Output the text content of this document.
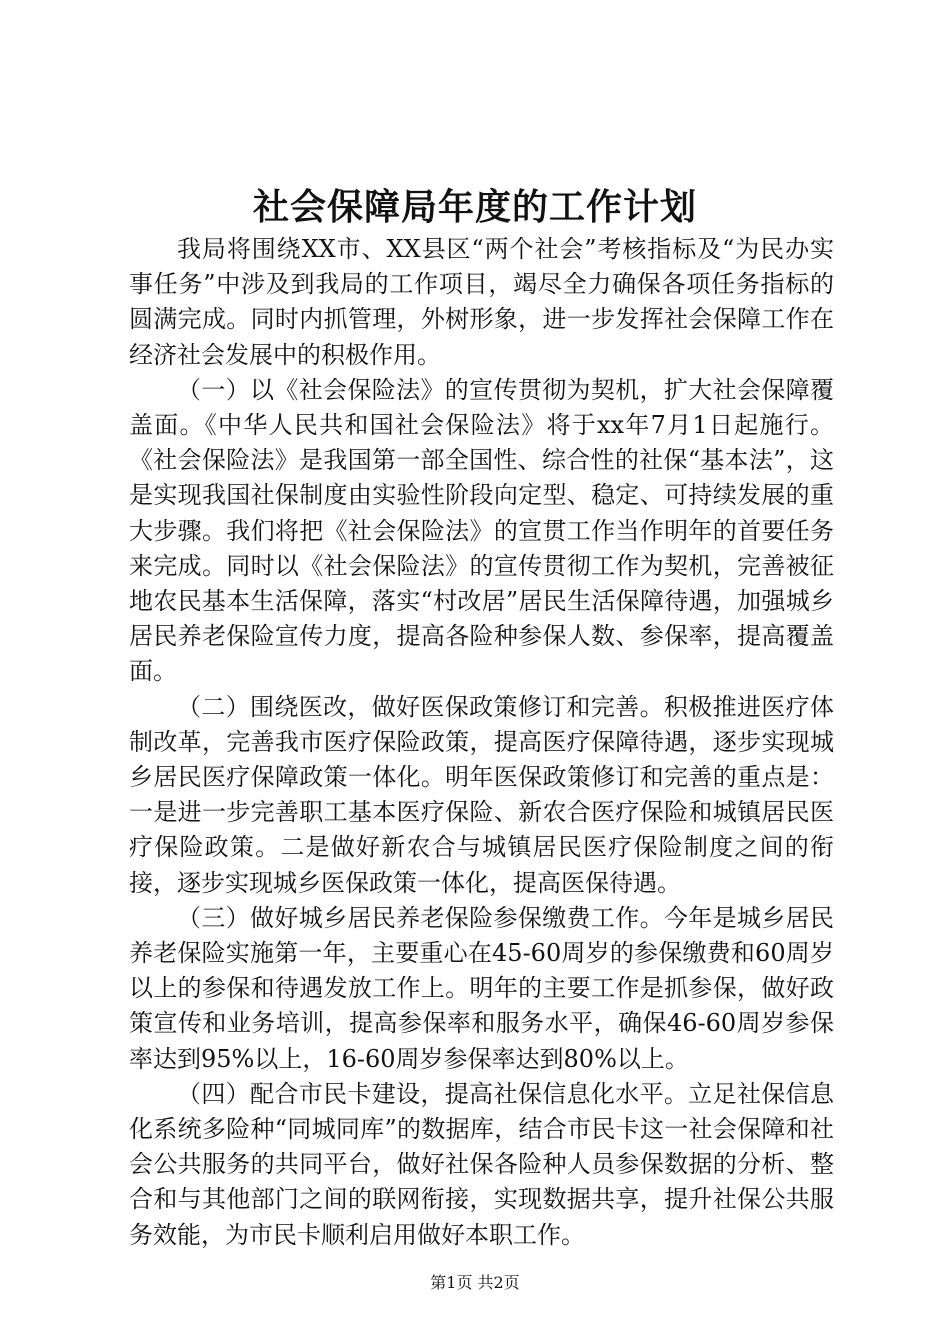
社会保障局年度的工作计划

我局将围绕XX市、XX县区“两个社会”考核指标及“为民办实事任务”中涉及到我局的工作项目，竭尽全力确保各项任务指标的圆满完成。同时内抓管理，外树形象，进一步发挥社会保障工作在经济社会发展中的积极作用。

（一）以《社会保险法》的宣传贯彻为契机，扩大社会保障覆盖面。《中华人民共和国社会保险法》将于xx年7月1日起施行。《社会保险法》是我国第一部全国性、综合性的社保“基本法”，这是实现我国社保制度由实验性阶段向定型、稳定、可持续发展的重大步骤。我们将把《社会保险法》的宣贯工作当作明年的首要任务来完成。同时以《社会保险法》的宣传贯彻工作为契机，完善被征地农民基本生活保障，落实“村改居”居民生活保障待遇，加强城乡居民养老保险宣传力度，提高各险种参保人数、参保率，提高覆盖面。

（二）围绕医改，做好医保政策修订和完善。积极推进医疗体制改革，完善我市医疗保险政策，提高医疗保障待遇，逐步实现城乡居民医疗保障政策一体化。明年医保政策修订和完善的重点是：一是进一步完善职工基本医疗保险、新农合医疗保险和城镇居民医疗保险政策。二是做好新农合与城镇居民医疗保险制度之间的衔接，逐步实现城乡医保政策一体化，提高医保待遇。

（三）做好城乡居民养老保险参保缴费工作。今年是城乡居民养老保险实施第一年，主要重心在45-60周岁的参保缴费和60周岁以上的参保和待遇发放工作上。明年的主要工作是抓参保，做好政策宣传和业务培训，提高参保率和服务水平，确保46-60周岁参保率达到95%以上，16-60周岁参保率达到80%以上。

（四）配合市民卡建设，提高社保信息化水平。立足社保信息化系统多险种“同城同库”的数据库，结合市民卡这一社会保障和社会公共服务的共同平台，做好社保各险种人员参保数据的分析、整合和与其他部门之间的联网衔接，实现数据共享，提升社保公共服务效能，为市民卡顺利启用做好本职工作。

第1页 共2页
